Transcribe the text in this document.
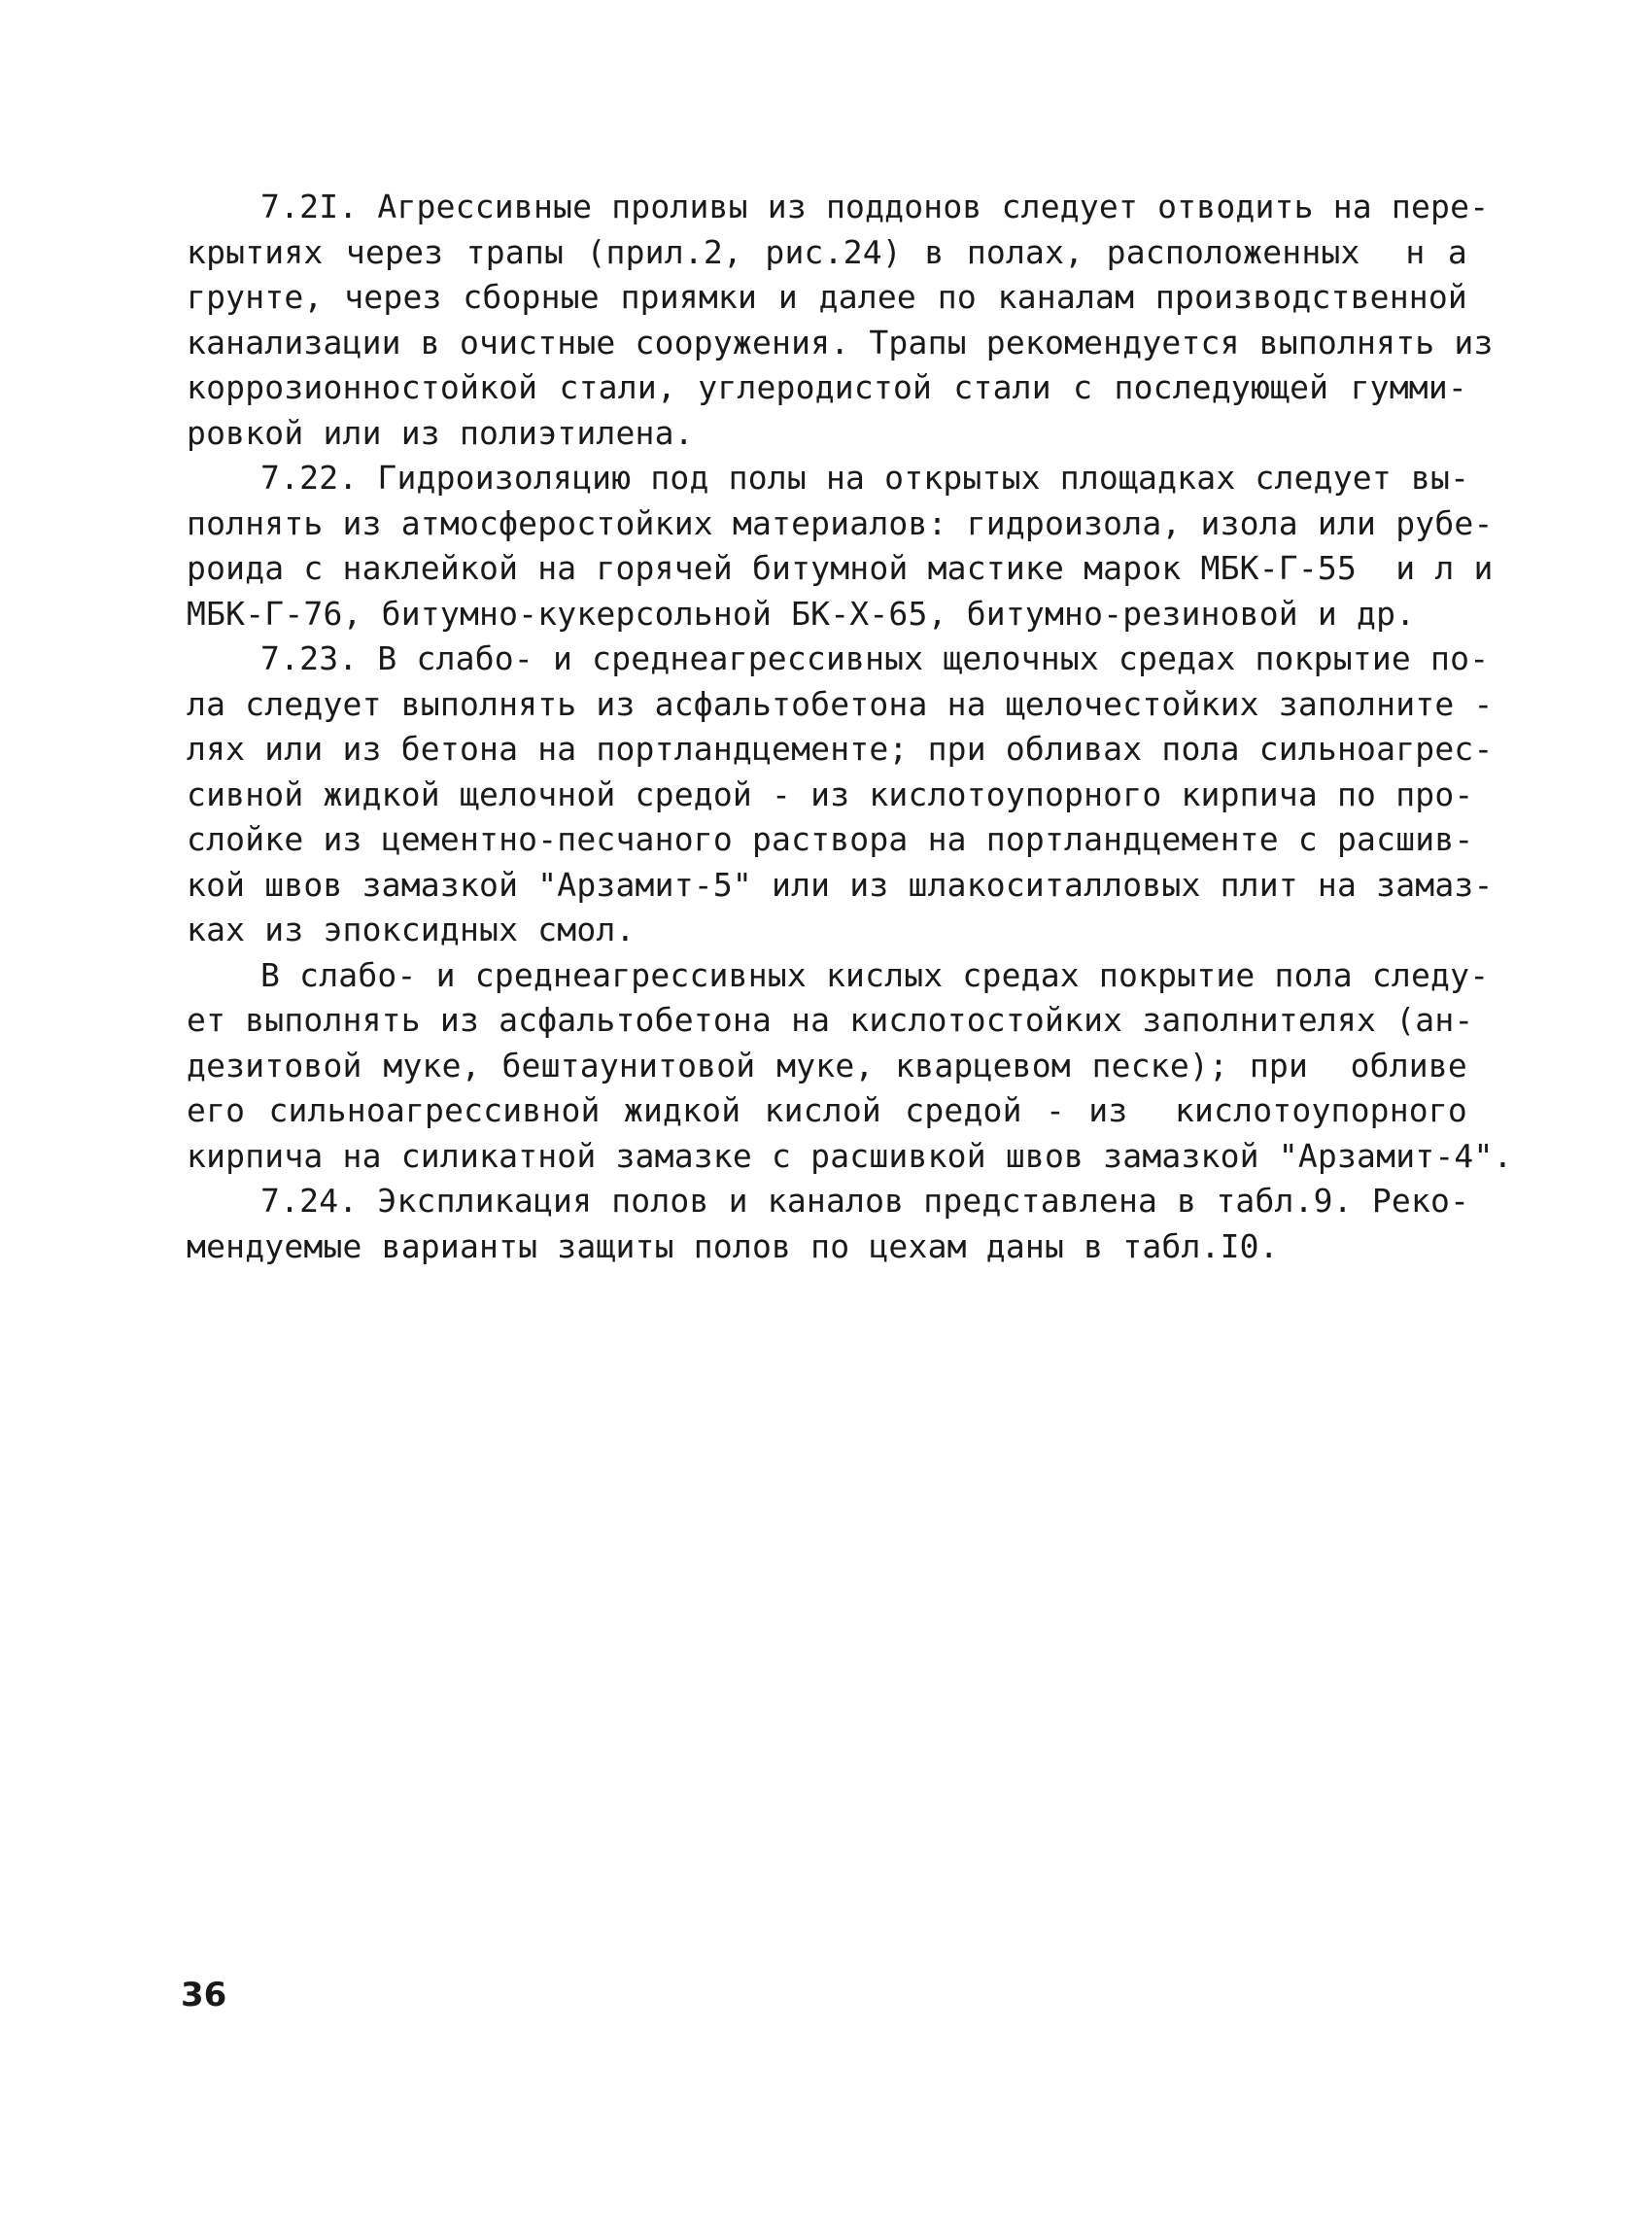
7.2I. Агрессивные проливы из поддонов следует отводить на пере-
крытиях через трапы (прил.2, рис.24) в полах, расположенных  н а
грунте, через сборные приямки и далее по каналам производственной
канализации в очистные сооружения. Трапы рекомендуется выполнять из
коррозионностойкой стали, углеродистой стали с последующей гумми-
ровкой или из полиэтилена.
7.22. Гидроизоляцию под полы на открытых площадках следует вы-
полнять из атмосферостойких материалов: гидроизола, изола или рубе-
роида с наклейкой на горячей битумной мастике марок МБК-Г-55  и л и
МБК-Г-76, битумно-кукерсольной БК-Х-65, битумно-резиновой и др.
7.23. В слабо- и среднеагрессивных щелочных средах покрытие по-
ла следует выполнять из асфальтобетона на щелочестойких заполните -
лях или из бетона на портландцементе; при обливах пола сильноагрес-
сивной жидкой щелочной средой - из кислотоупорного кирпича по про-
слойке из цементно-песчаного раствора на портландцементе с расшив-
кой швов замазкой "Арзамит-5" или из шлакоситалловых плит на замаз-
ках из эпоксидных смол.
В слабо- и среднеагрессивных кислых средах покрытие пола следу-
ет выполнять из асфальтобетона на кислотостойких заполнителях (ан-
дезитовой муке, бештаунитовой муке, кварцевом песке); при  обливе
его сильноагрессивной жидкой кислой средой - из  кислотоупорного
кирпича на силикатной замазке с расшивкой швов замазкой "Арзамит-4".
7.24. Экспликация полов и каналов представлена в табл.9. Реко-
мендуемые варианты защиты полов по цехам даны в табл.I0.
36
